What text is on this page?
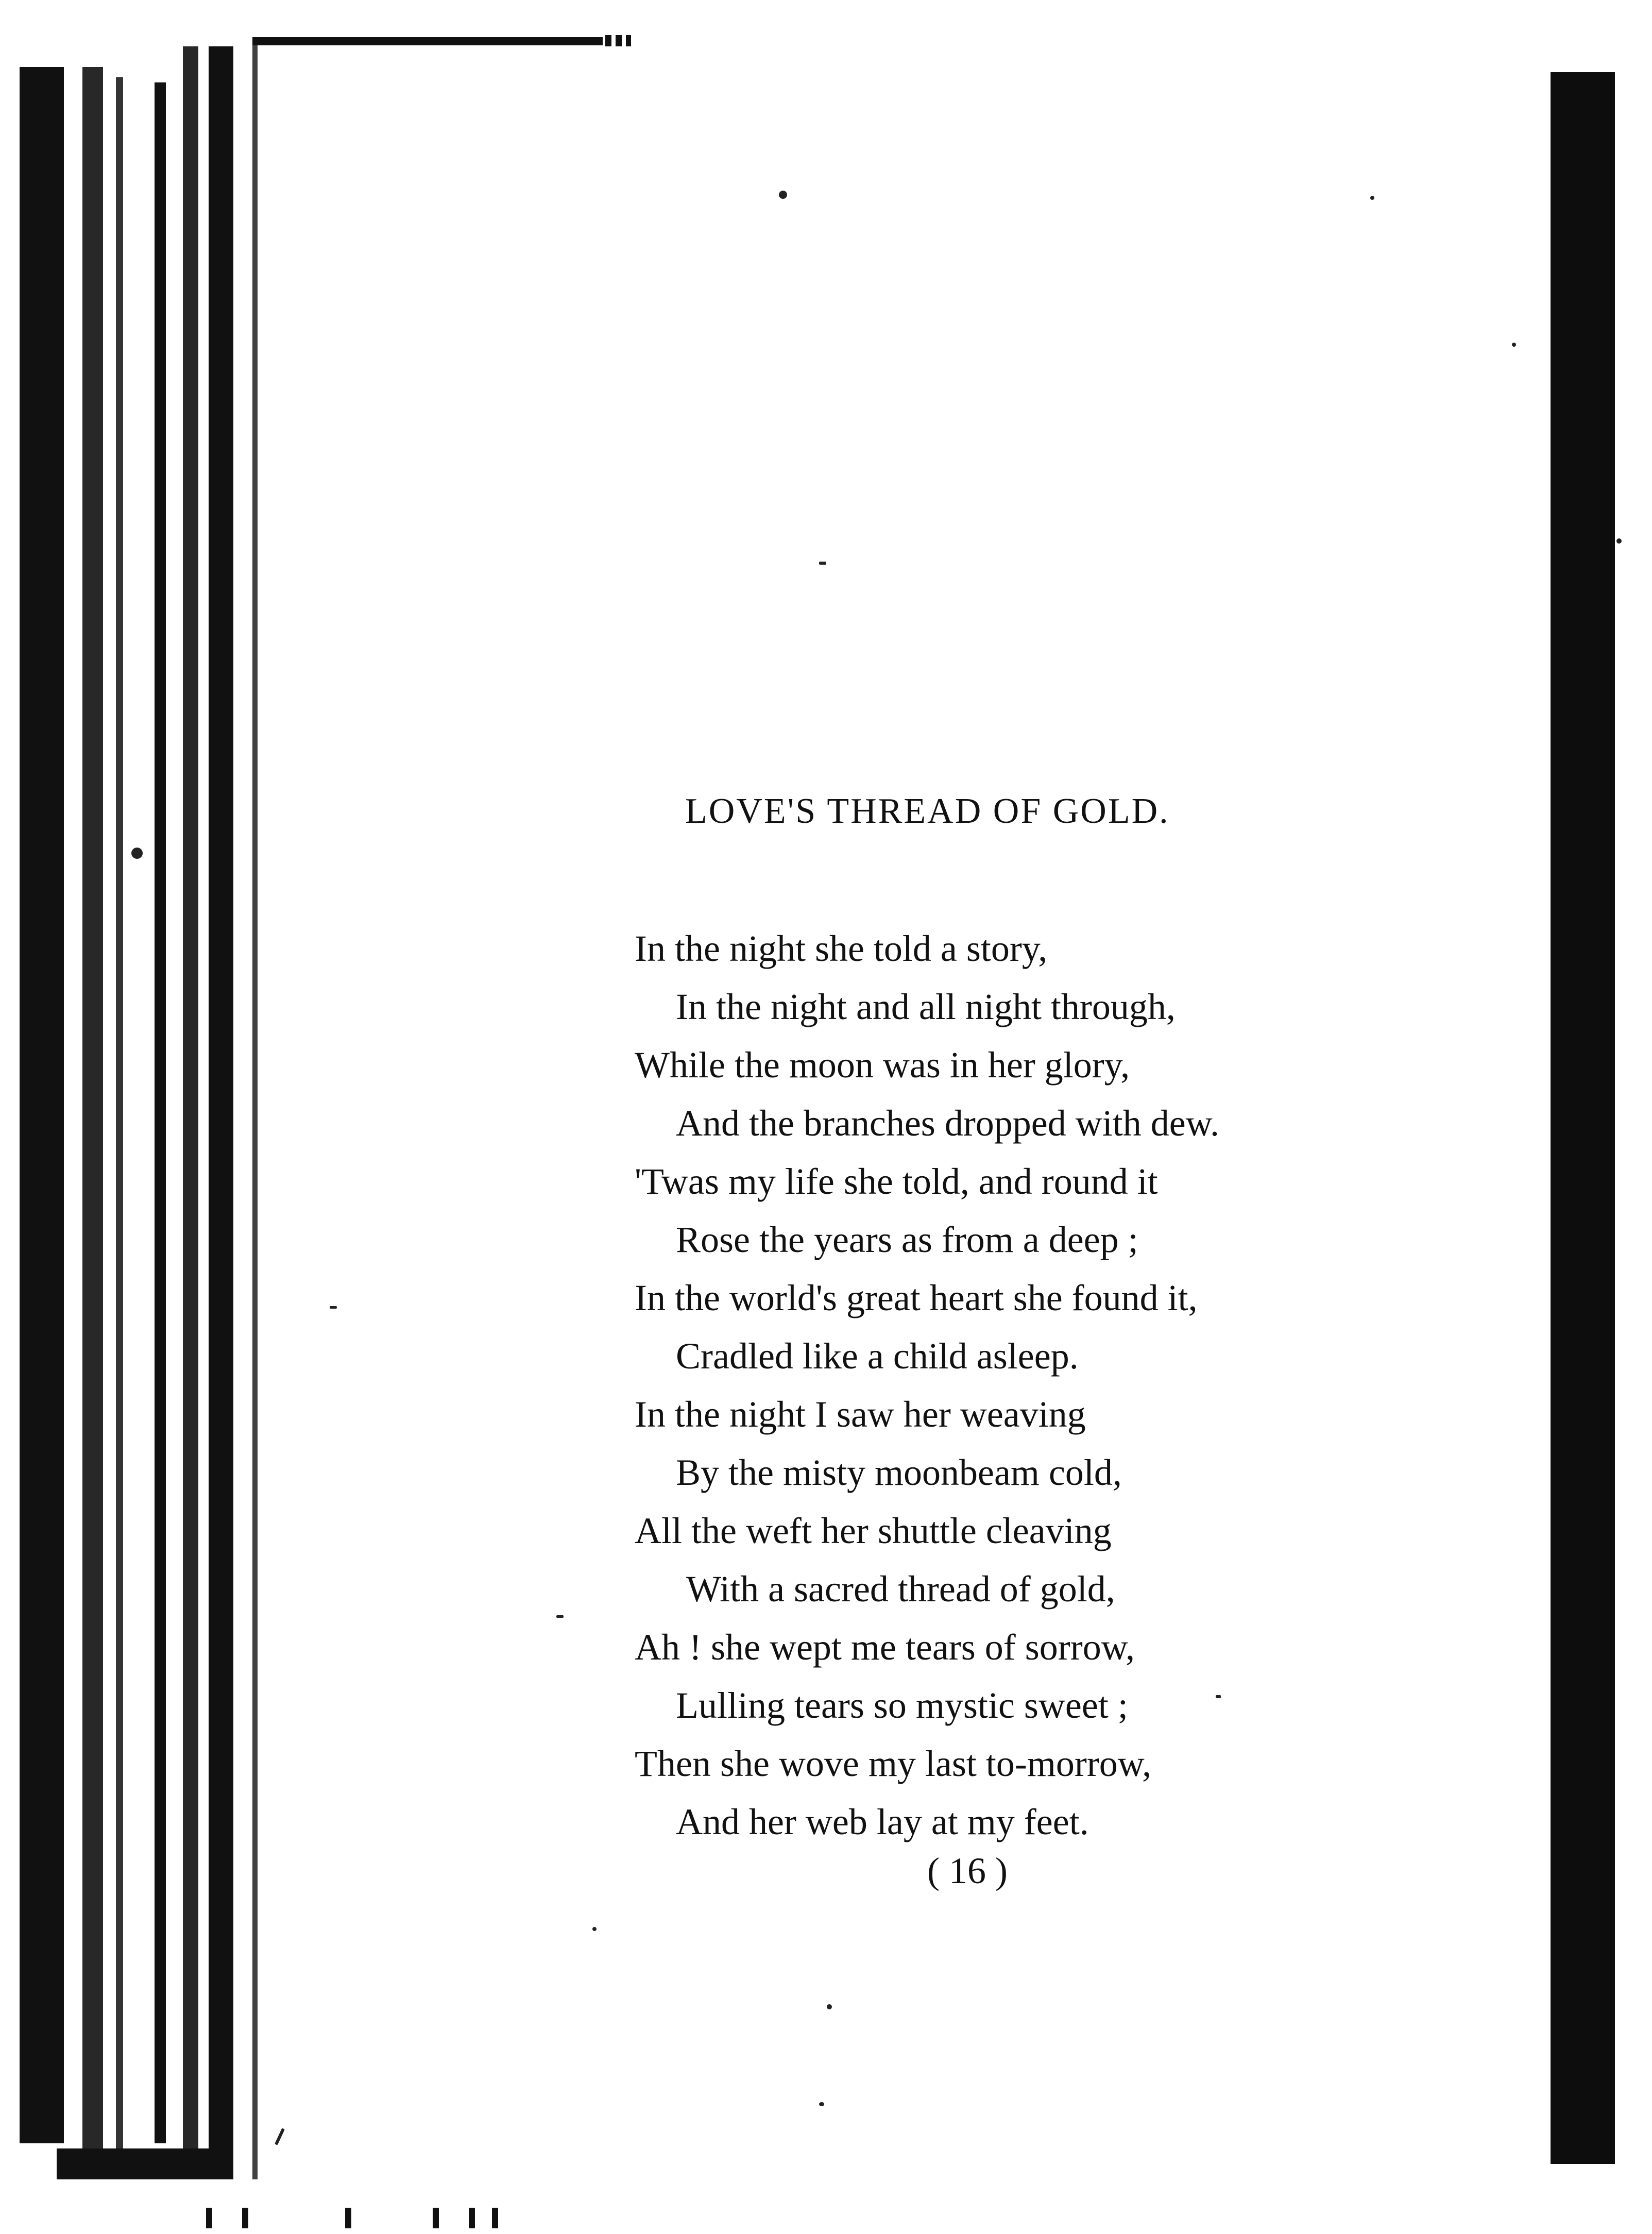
LOVE'S THREAD OF GOLD.
In the night she told a story,
In the night and all night through,
While the moon was in her glory,
And the branches dropped with dew.
'Twas my life she told, and round it
Rose the years as from a deep ;
In the world's great heart she found it,
Cradled like a child asleep.
In the night I saw her weaving
By the misty moonbeam cold,
All the weft her shuttle cleaving
With a sacred thread of gold,
Ah ! she wept me tears of sorrow,
Lulling tears so mystic sweet ;
Then she wove my last to-morrow,
And her web lay at my feet.
( 16 )
